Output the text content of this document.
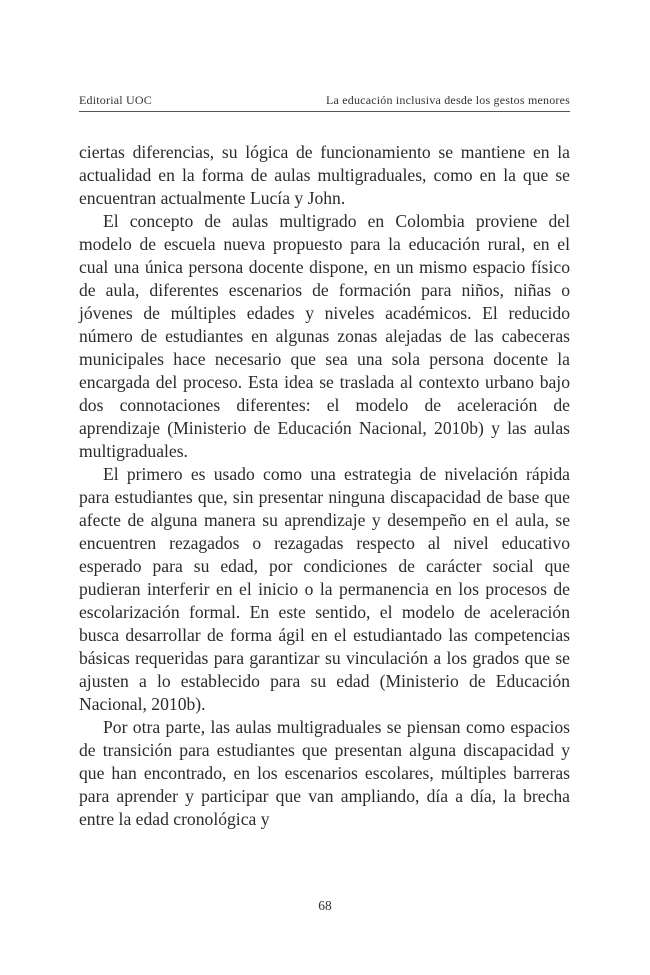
Editorial UOC	La educación inclusiva desde los gestos menores

ciertas diferencias, su lógica de funcionamiento se mantiene en la actualidad en la forma de aulas multigraduales, como en la que se encuentran actualmente Lucía y John.

El concepto de aulas multigrado en Colombia proviene del modelo de escuela nueva propuesto para la educación rural, en el cual una única persona docente dispone, en un mismo espacio físico de aula, diferentes escenarios de formación para niños, niñas o jóvenes de múltiples edades y niveles académicos. El reducido número de estudiantes en algunas zonas alejadas de las cabeceras municipales hace necesario que sea una sola persona docente la encargada del proceso. Esta idea se traslada al contexto urbano bajo dos connotaciones diferentes: el modelo de aceleración de aprendizaje (Ministerio de Educación Nacional, 2010b) y las aulas multigraduales.

El primero es usado como una estrategia de nivelación rápida para estudiantes que, sin presentar ninguna discapacidad de base que afecte de alguna manera su aprendizaje y desempeño en el aula, se encuentren rezagados o rezagadas respecto al nivel educativo esperado para su edad, por condiciones de carácter social que pudieran interferir en el inicio o la permanencia en los procesos de escolarización formal. En este sentido, el modelo de aceleración busca desarrollar de forma ágil en el estudiantado las competencias básicas requeridas para garantizar su vinculación a los grados que se ajusten a lo establecido para su edad (Ministerio de Educación Nacional, 2010b).

Por otra parte, las aulas multigraduales se piensan como espacios de transición para estudiantes que presentan alguna discapacidad y que han encontrado, en los escenarios escolares, múltiples barreras para aprender y participar que van ampliando, día a día, la brecha entre la edad cronológica y

68
